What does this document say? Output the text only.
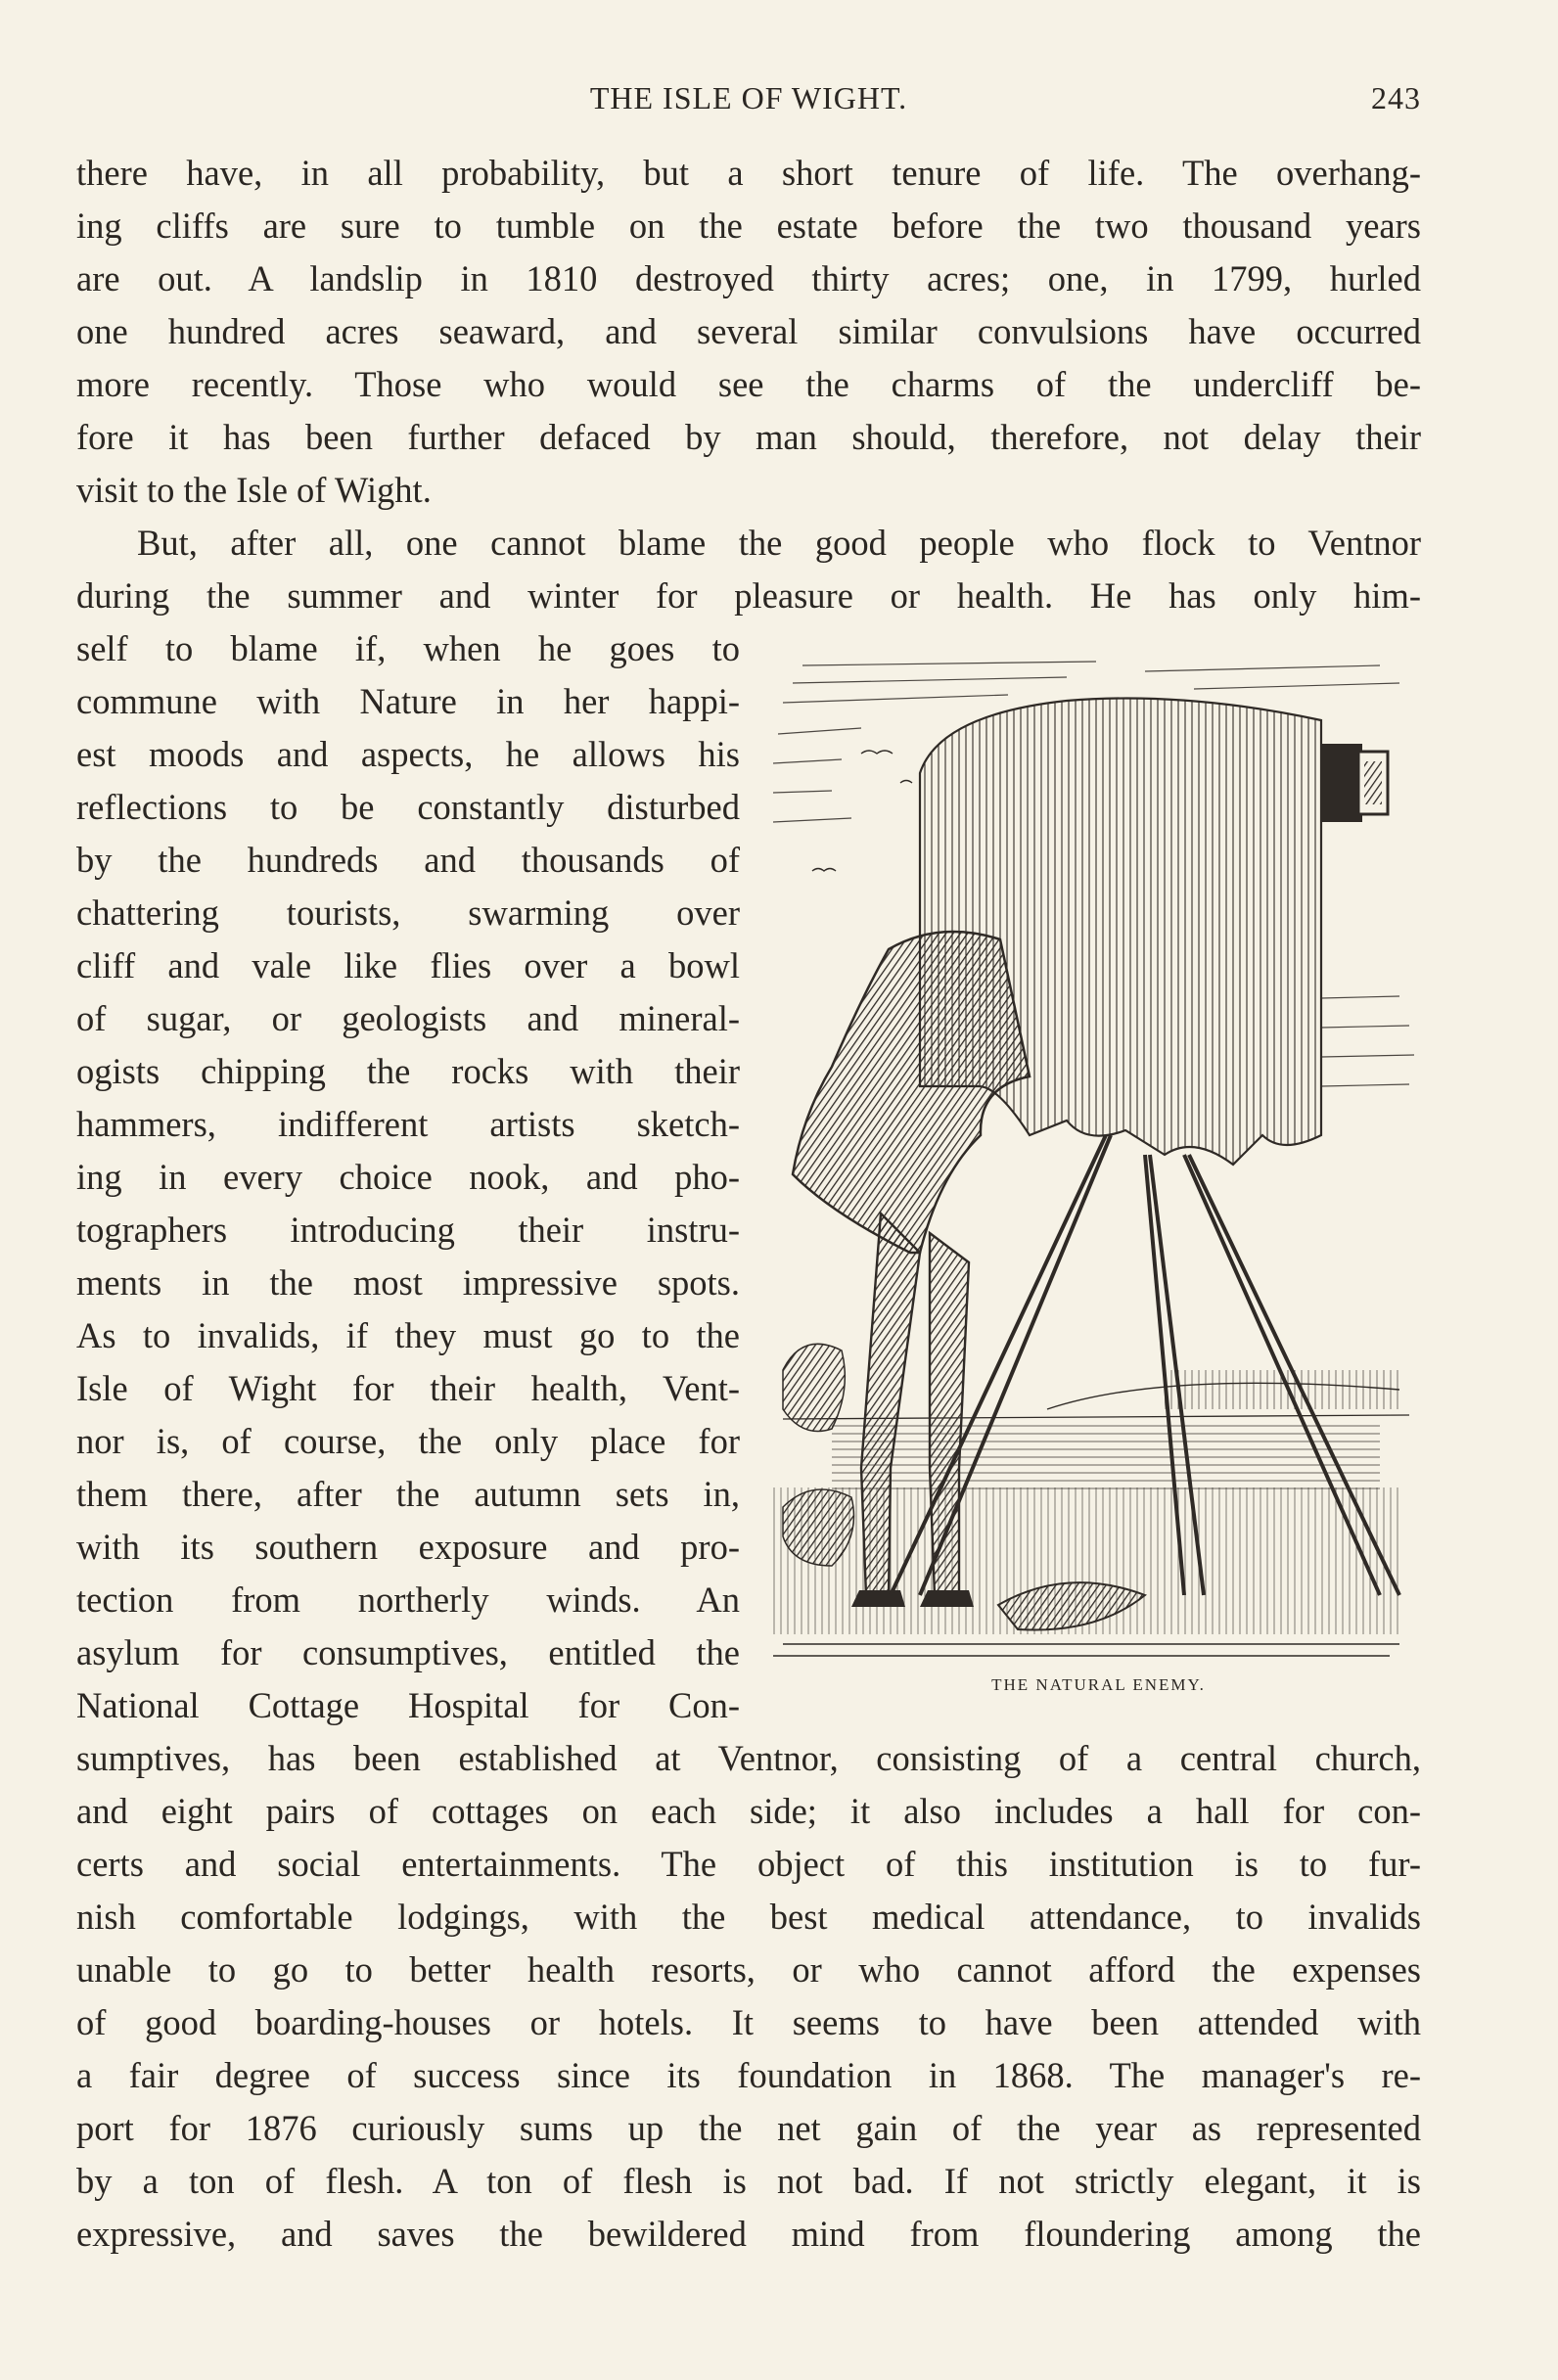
THE ISLE OF WIGHT.	243
there have, in all probability, but a short tenure of life. The overhang-
ing cliffs are sure to tumble on the estate before the two thousand years
are out. A landslip in 1810 destroyed thirty acres; one, in 1799, hurled
one hundred acres seaward, and several similar convulsions have occurred
more recently. Those who would see the charms of the undercliff be-
fore it has been further defaced by man should, therefore, not delay their
visit to the Isle of Wight.
But, after all, one cannot blame the good people who flock to Ventnor
during the summer and winter for pleasure or health. He has only him-
self to blame if, when he goes to
commune with Nature in her happi-
est moods and aspects, he allows his
reflections to be constantly disturbed
by the hundreds and thousands of
chattering tourists, swarming over
cliff and vale like flies over a bowl
of sugar, or geologists and mineral-
ogists chipping the rocks with their
hammers, indifferent artists sketch-
ing in every choice nook, and pho-
tographers introducing their instru-
ments in the most impressive spots.
As to invalids, if they must go to the
Isle of Wight for their health, Vent-
nor is, of course, the only place for
them there, after the autumn sets in,
with its southern exposure and pro-
tection from northerly winds. An
asylum for consumptives, entitled the
National Cottage Hospital for Con-
sumptives, has been established at Ventnor, consisting of a central church,
and eight pairs of cottages on each side; it also includes a hall for con-
certs and social entertainments. The object of this institution is to fur-
nish comfortable lodgings, with the best medical attendance, to invalids
unable to go to better health resorts, or who cannot afford the expenses
of good boarding-houses or hotels. It seems to have been attended with
a fair degree of success since its foundation in 1868. The manager's re-
port for 1876 curiously sums up the net gain of the year as represented
by a ton of flesh. A ton of flesh is not bad. If not strictly elegant, it is
expressive, and saves the bewildered mind from floundering among the
THE NATURAL ENEMY.
